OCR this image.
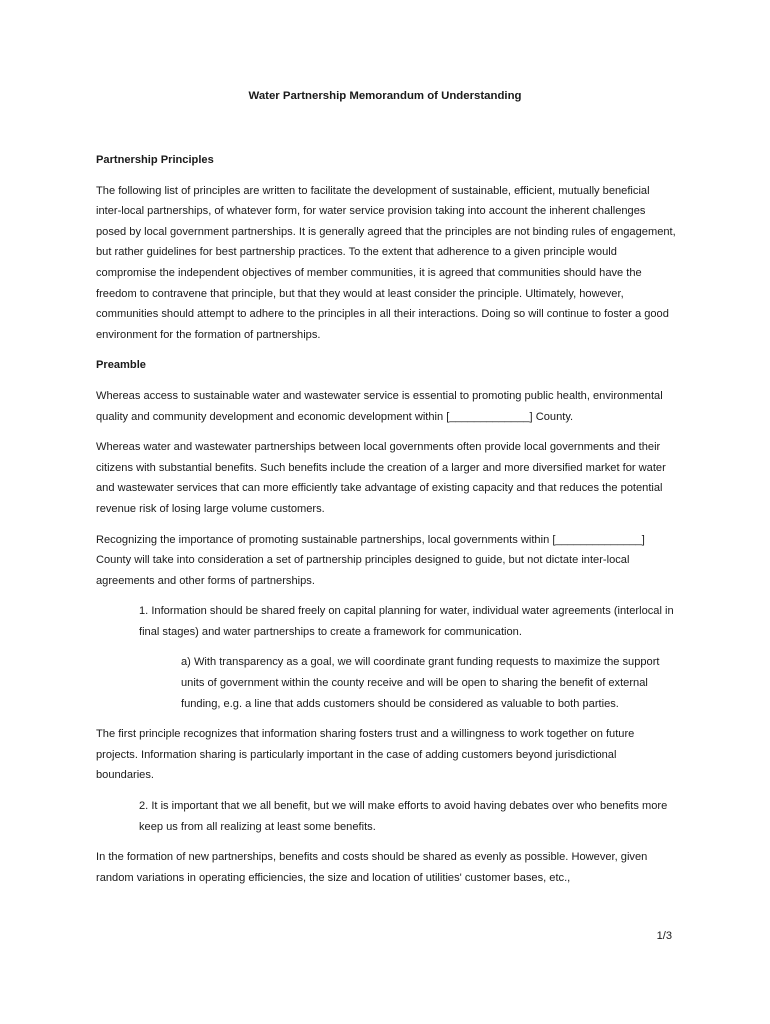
Water Partnership Memorandum of Understanding

Partnership Principles

The following list of principles are written to facilitate the development of sustainable, efficient, mutually beneficial inter-local partnerships, of whatever form, for water service provision taking into account the inherent challenges posed by local government partnerships. It is generally agreed that the principles are not binding rules of engagement, but rather guidelines for best partnership practices. To the extent that adherence to a given principle would compromise the independent objectives of member communities, it is agreed that communities should have the freedom to contravene that principle, but that they would at least consider the principle. Ultimately, however, communities should attempt to adhere to the principles in all their interactions. Doing so will continue to foster a good environment for the formation of partnerships.

Preamble

Whereas access to sustainable water and wastewater service is essential to promoting public health, environmental quality and community development and economic development within [_____________] County.

Whereas water and wastewater partnerships between local governments often provide local governments and their citizens with substantial benefits. Such benefits include the creation of a larger and more diversified market for water and wastewater services that can more efficiently take advantage of existing capacity and that reduces the potential revenue risk of losing large volume customers.

Recognizing the importance of promoting sustainable partnerships, local governments within [______________] County will take into consideration a set of partnership principles designed to guide, but not dictate inter-local agreements and other forms of partnerships.

1. Information should be shared freely on capital planning for water, individual water agreements (interlocal in final stages) and water partnerships to create a framework for communication.

a) With transparency as a goal, we will coordinate grant funding requests to maximize the support units of government within the county receive and will be open to sharing the benefit of external funding, e.g. a line that adds customers should be considered as valuable to both parties.

The first principle recognizes that information sharing fosters trust and a willingness to work together on future projects. Information sharing is particularly important in the case of adding customers beyond jurisdictional boundaries.

2. It is important that we all benefit, but we will make efforts to avoid having debates over who benefits more keep us from all realizing at least some benefits.

In the formation of new partnerships, benefits and costs should be shared as evenly as possible. However, given random variations in operating efficiencies, the size and location of utilities' customer bases, etc.,

1/3
